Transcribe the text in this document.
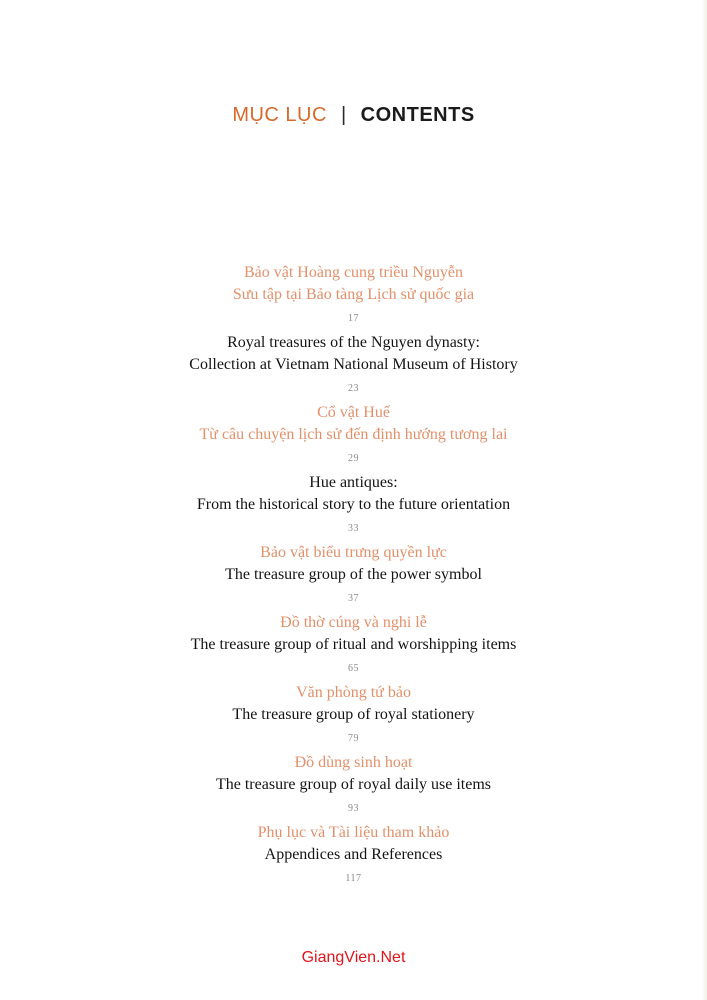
MỤC LỤC | CONTENTS
Bảo vật Hoàng cung triều Nguyễn
Sưu tập tại Bảo tàng Lịch sử quốc gia
17
Royal treasures of the Nguyen dynasty:
Collection at Vietnam National Museum of History
23
Cổ vật Huế
Từ câu chuyện lịch sử đến định hướng tương lai
29
Hue antiques:
From the historical story to the future orientation
33
Bảo vật biểu trưng quyền lực
The treasure group of the power symbol
37
Đồ thờ cúng và nghi lễ
The treasure group of ritual and worshipping items
65
Văn phòng tứ bảo
The treasure group of royal stationery
79
Đồ dùng sinh hoạt
The treasure group of royal daily use items
93
Phụ lục và Tài liệu tham khảo
Appendices and References
117
GiangVien.Net
